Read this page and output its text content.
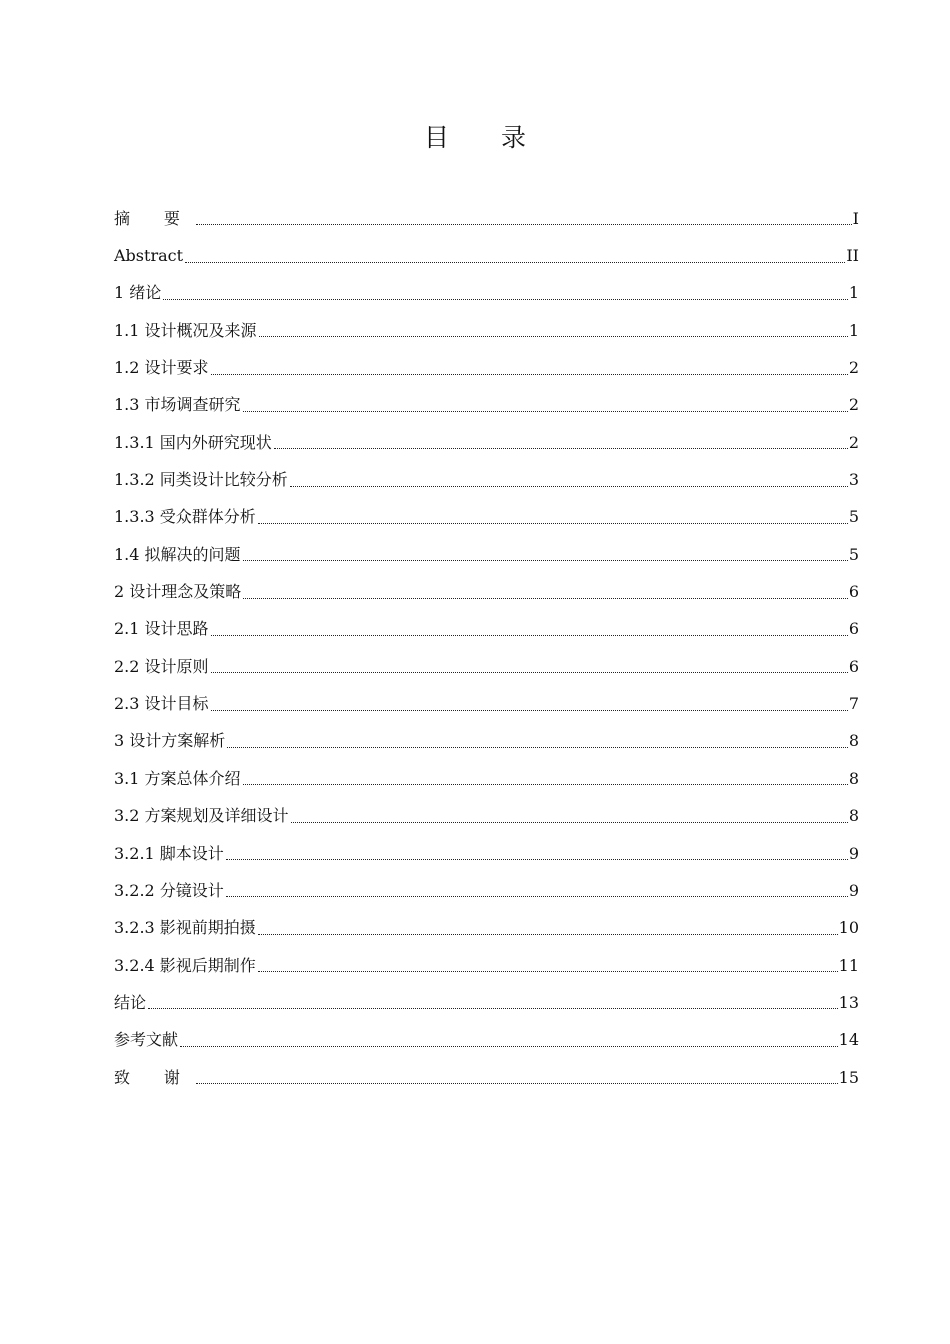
目 录
摘 要	I
Abstract	II
1 绪论	1
1.1 设计概况及来源	1
1.2 设计要求	2
1.3 市场调查研究	2
1.3.1 国内外研究现状	2
1.3.2 同类设计比较分析	3
1.3.3 受众群体分析	5
1.4 拟解决的问题	5
2 设计理念及策略	6
2.1 设计思路	6
2.2 设计原则	6
2.3 设计目标	7
3 设计方案解析	8
3.1 方案总体介绍	8
3.2 方案规划及详细设计	8
3.2.1 脚本设计	9
3.2.2 分镜设计	9
3.2.3 影视前期拍摄	10
3.2.4 影视后期制作	11
结论	13
参考文献	14
致 谢	15
